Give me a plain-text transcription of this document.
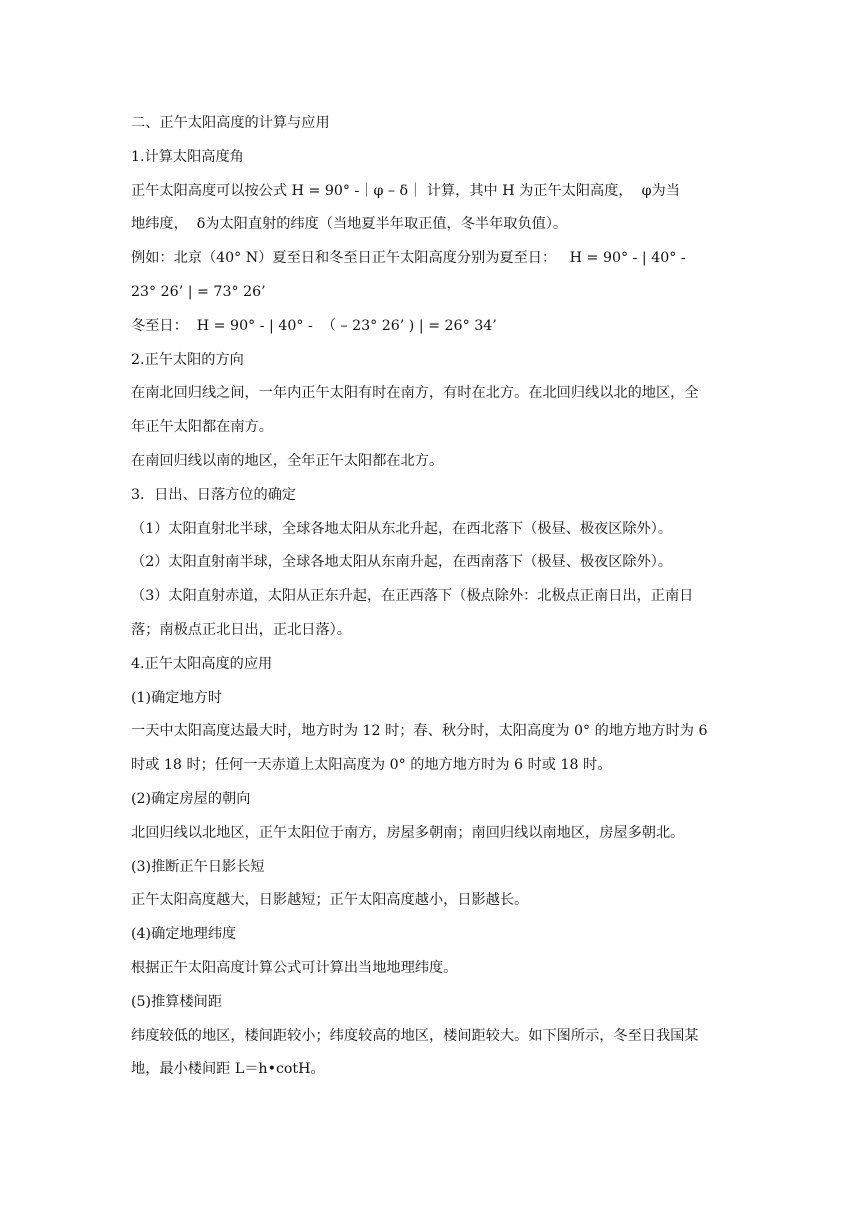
二、正午太阳高度的计算与应用

1.计算太阳高度角

正午太阳高度可以按公式 H = 90° -｜φ – δ｜ 计算，其中 H 为正午太阳高度，  φ为当

地纬度，  δ为太阳直射的纬度（当地夏半年取正值，冬半年取负值）。

例如：北京（40° N）夏至日和冬至日正午太阳高度分别为夏至日：   H = 90° - | 40° -

23° 26’ | = 73° 26’

冬至日：  H = 90° - | 40° -  （ – 23° 26’ ) | = 26° 34’

2.正午太阳的方向

在南北回归线之间，一年内正午太阳有时在南方，有时在北方。在北回归线以北的地区，全

年正午太阳都在南方。

在南回归线以南的地区，全年正午太阳都在北方。

3．日出、日落方位的确定

（1）太阳直射北半球，全球各地太阳从东北升起，在西北落下（极昼、极夜区除外）。

（2）太阳直射南半球，全球各地太阳从东南升起，在西南落下（极昼、极夜区除外）。

（3）太阳直射赤道，太阳从正东升起，在正西落下（极点除外：北极点正南日出，正南日

落；南极点正北日出，正北日落）。

4.正午太阳高度的应用

(1)确定地方时

一天中太阳高度达最大时，地方时为 12 时；春、秋分时，太阳高度为 0° 的地方地方时为 6

时或 18 时；任何一天赤道上太阳高度为 0° 的地方地方时为 6 时或 18 时。

(2)确定房屋的朝向

北回归线以北地区，正午太阳位于南方，房屋多朝南；南回归线以南地区，房屋多朝北。

(3)推断正午日影长短

正午太阳高度越大，日影越短；正午太阳高度越小，日影越长。

(4)确定地理纬度

根据正午太阳高度计算公式可计算出当地地理纬度。

(5)推算楼间距

纬度较低的地区，楼间距较小；纬度较高的地区，楼间距较大。如下图所示，冬至日我国某

地，最小楼间距 L＝h•cotH。
